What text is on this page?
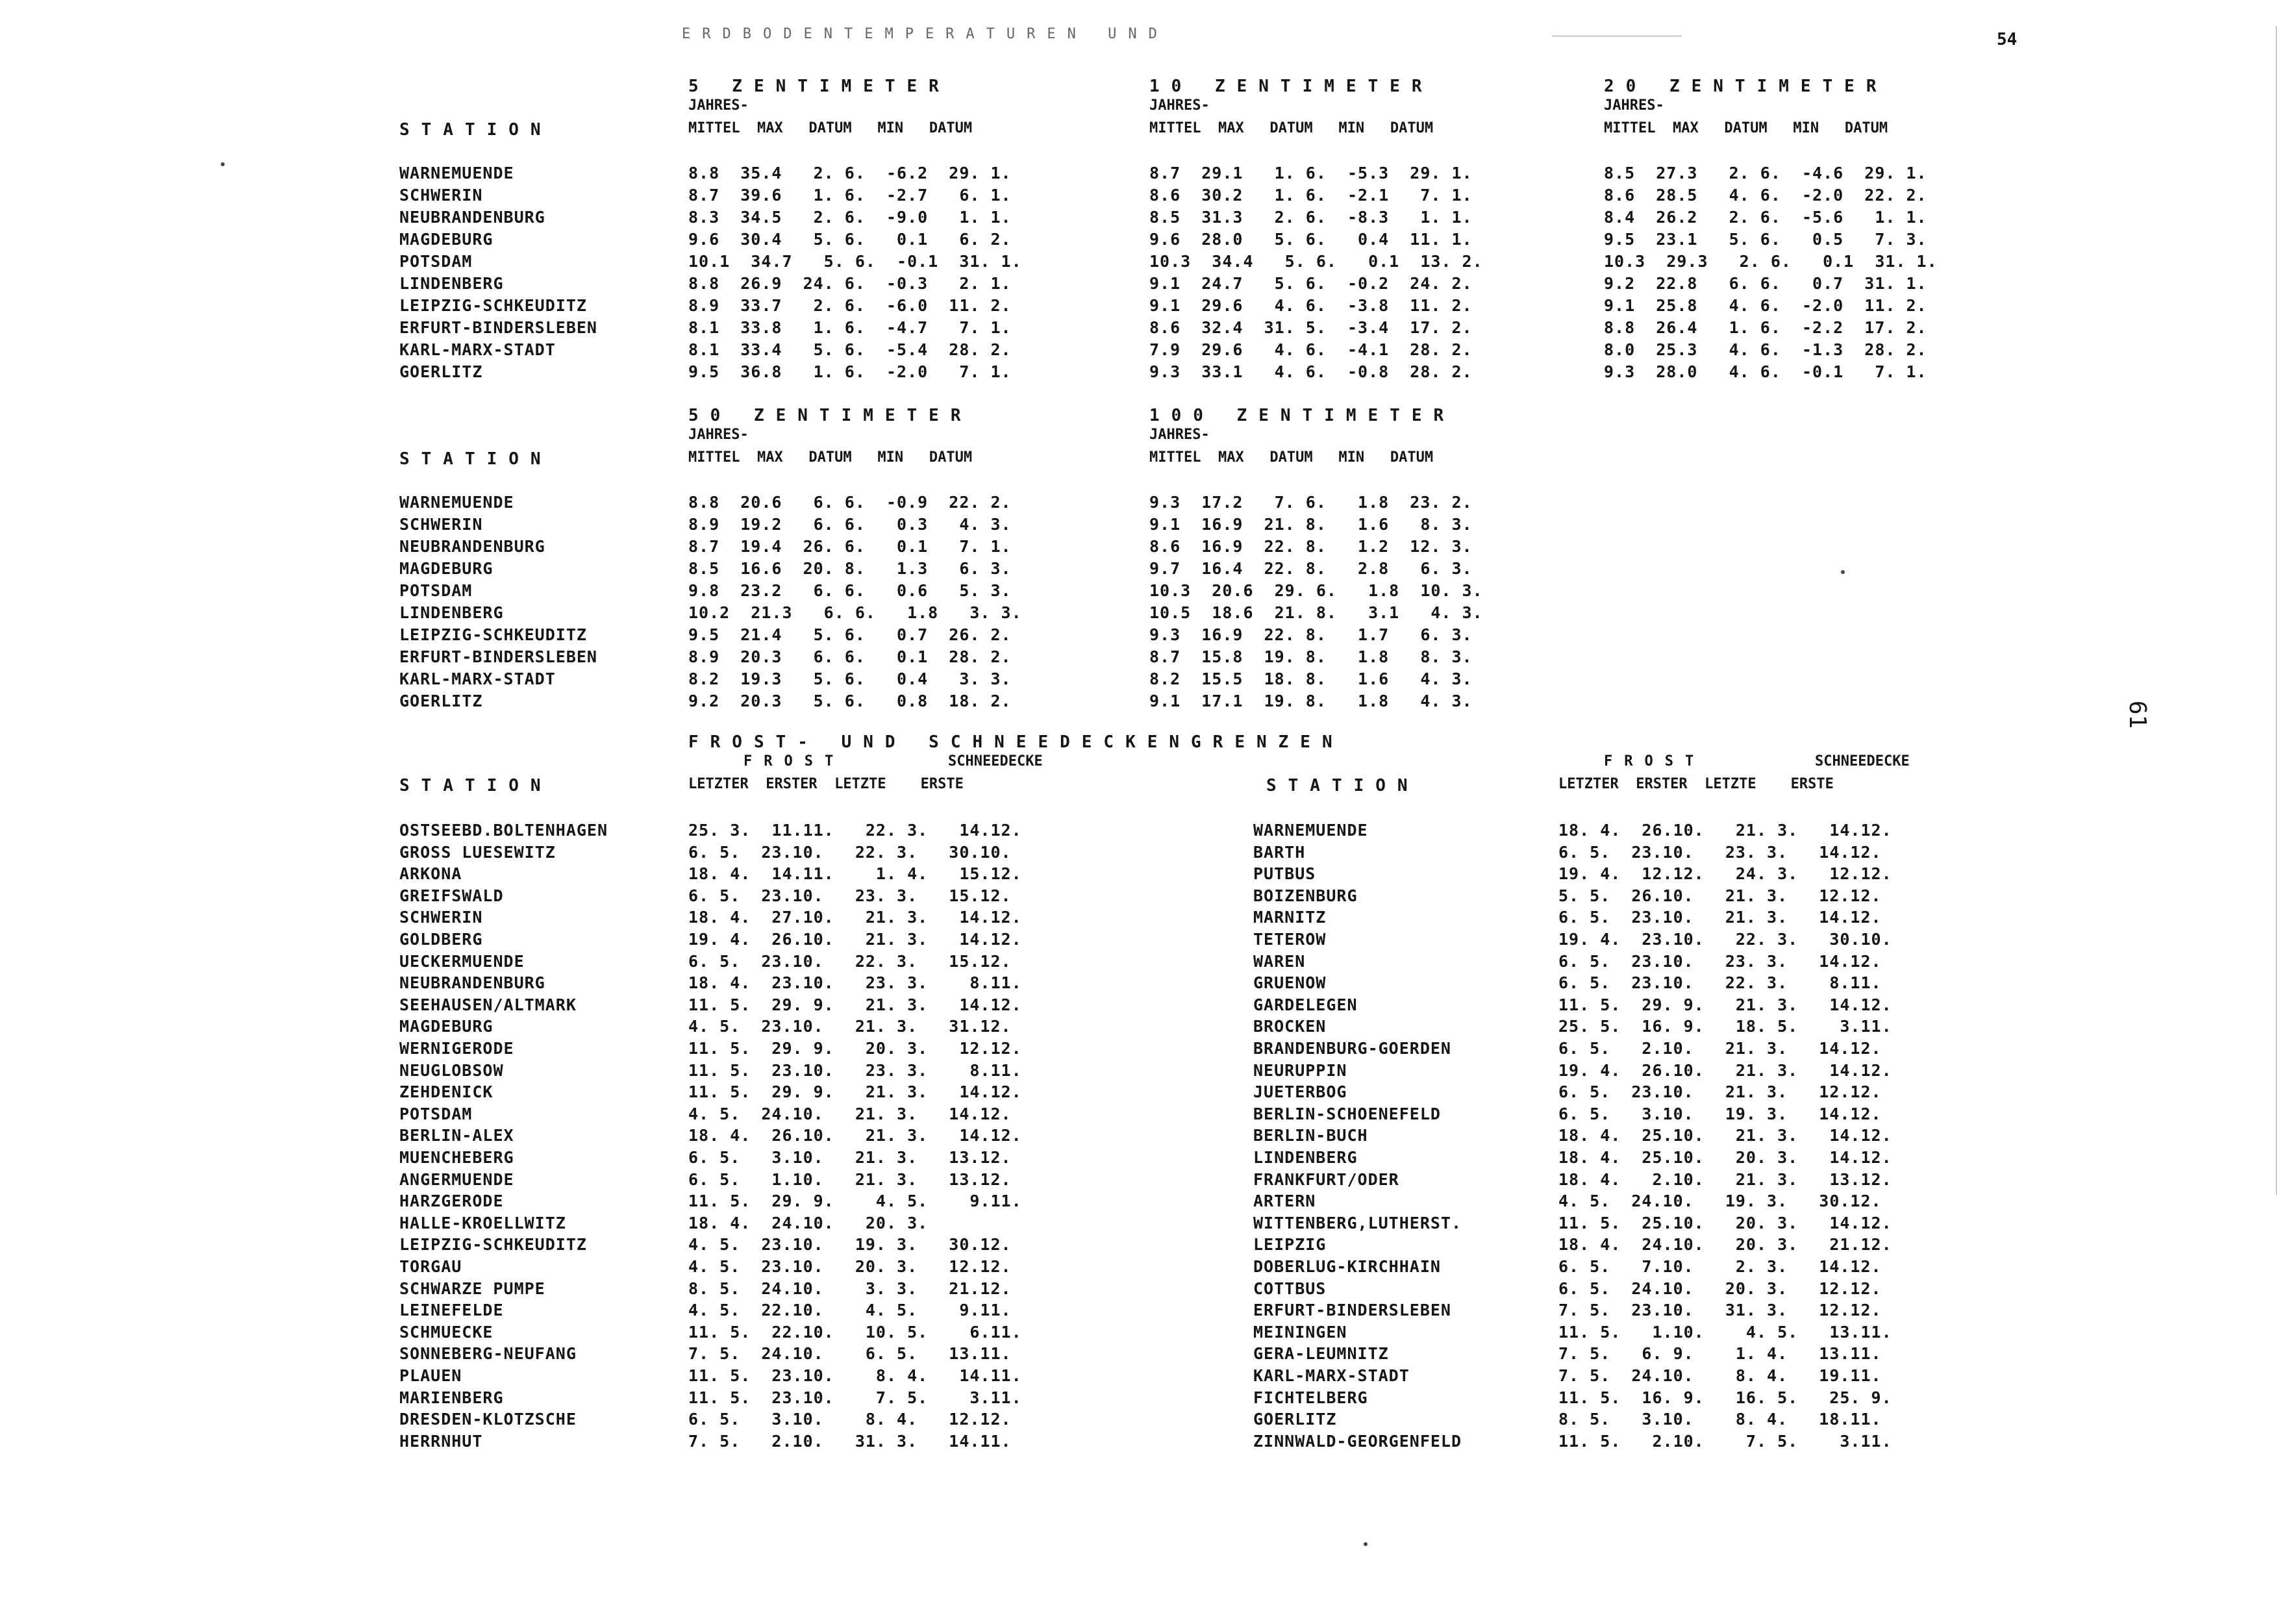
ERDBODENTEMPERATUREN UND	54
61
5 ZENTIMETER	10 ZENTIMETER	20 ZENTIMETER
JAHRES-	JAHRES-	JAHRES-
STATION	MITTEL  MAX   DATUM   MIN   DATUM	MITTEL  MAX   DATUM   MIN   DATUM	MITTEL  MAX   DATUM   MIN   DATUM
WARNEMUENDE	8.8  35.4   2. 6.  -6.2  29. 1.	8.7  29.1   1. 6.  -5.3  29. 1.	8.5  27.3   2. 6.  -4.6  29. 1.
SCHWERIN	8.7  39.6   1. 6.  -2.7   6. 1.	8.6  30.2   1. 6.  -2.1   7. 1.	8.6  28.5   4. 6.  -2.0  22. 2.
NEUBRANDENBURG	8.3  34.5   2. 6.  -9.0   1. 1.	8.5  31.3   2. 6.  -8.3   1. 1.	8.4  26.2   2. 6.  -5.6   1. 1.
MAGDEBURG	9.6  30.4   5. 6.   0.1   6. 2.	9.6  28.0   5. 6.   0.4  11. 1.	9.5  23.1   5. 6.   0.5   7. 3.
POTSDAM	10.1  34.7   5. 6.  -0.1  31. 1.	10.3  34.4   5. 6.   0.1  13. 2.	10.3  29.3   2. 6.   0.1  31. 1.
LINDENBERG	8.8  26.9  24. 6.  -0.3   2. 1.	9.1  24.7   5. 6.  -0.2  24. 2.	9.2  22.8   6. 6.   0.7  31. 1.
LEIPZIG-SCHKEUDITZ	8.9  33.7   2. 6.  -6.0  11. 2.	9.1  29.6   4. 6.  -3.8  11. 2.	9.1  25.8   4. 6.  -2.0  11. 2.
ERFURT-BINDERSLEBEN	8.1  33.8   1. 6.  -4.7   7. 1.	8.6  32.4  31. 5.  -3.4  17. 2.	8.8  26.4   1. 6.  -2.2  17. 2.
KARL-MARX-STADT	8.1  33.4   5. 6.  -5.4  28. 2.	7.9  29.6   4. 6.  -4.1  28. 2.	8.0  25.3   4. 6.  -1.3  28. 2.
GOERLITZ	9.5  36.8   1. 6.  -2.0   7. 1.	9.3  33.1   4. 6.  -0.8  28. 2.	9.3  28.0   4. 6.  -0.1   7. 1.
50 ZENTIMETER	100 ZENTIMETER
JAHRES-	JAHRES-
STATION	MITTEL  MAX   DATUM   MIN   DATUM	MITTEL  MAX   DATUM   MIN   DATUM
WARNEMUENDE	8.8  20.6   6. 6.  -0.9  22. 2.	9.3  17.2   7. 6.   1.8  23. 2.
SCHWERIN	8.9  19.2   6. 6.   0.3   4. 3.	9.1  16.9  21. 8.   1.6   8. 3.
NEUBRANDENBURG	8.7  19.4  26. 6.   0.1   7. 1.	8.6  16.9  22. 8.   1.2  12. 3.
MAGDEBURG	8.5  16.6  20. 8.   1.3   6. 3.	9.7  16.4  22. 8.   2.8   6. 3.
POTSDAM	9.8  23.2   6. 6.   0.6   5. 3.	10.3  20.6  29. 6.   1.8  10. 3.
LINDENBERG	10.2  21.3   6. 6.   1.8   3. 3.	10.5  18.6  21. 8.   3.1   4. 3.
LEIPZIG-SCHKEUDITZ	9.5  21.4   5. 6.   0.7  26. 2.	9.3  16.9  22. 8.   1.7   6. 3.
ERFURT-BINDERSLEBEN	8.9  20.3   6. 6.   0.1  28. 2.	8.7  15.8  19. 8.   1.8   8. 3.
KARL-MARX-STADT	8.2  19.3   5. 6.   0.4   3. 3.	8.2  15.5  18. 8.   1.6   4. 3.
GOERLITZ	9.2  20.3   5. 6.   0.8  18. 2.	9.1  17.1  19. 8.   1.8   4. 3.
FROST- UND SCHNEEDECKENGRENZEN
FROST	SCHNEEDECKE	FROST	SCHNEEDECKE
STATION	LETZTER  ERSTER  LETZTE    ERSTE	STATION	LETZTER  ERSTER  LETZTE    ERSTE
OSTSEEBD.BOLTENHAGEN	25. 3.  11.11.   22. 3.   14.12.
GROSS LUESEWITZ	6. 5.  23.10.   22. 3.   30.10.
ARKONA	18. 4.  14.11.    1. 4.   15.12.
GREIFSWALD	6. 5.  23.10.   23. 3.   15.12.
SCHWERIN	18. 4.  27.10.   21. 3.   14.12.
GOLDBERG	19. 4.  26.10.   21. 3.   14.12.
UECKERMUENDE	6. 5.  23.10.   22. 3.   15.12.
NEUBRANDENBURG	18. 4.  23.10.   23. 3.    8.11.
SEEHAUSEN/ALTMARK	11. 5.  29. 9.   21. 3.   14.12.
MAGDEBURG	4. 5.  23.10.   21. 3.   31.12.
WERNIGERODE	11. 5.  29. 9.   20. 3.   12.12.
NEUGLOBSOW	11. 5.  23.10.   23. 3.    8.11.
ZEHDENICK	11. 5.  29. 9.   21. 3.   14.12.
POTSDAM	4. 5.  24.10.   21. 3.   14.12.
BERLIN-ALEX	18. 4.  26.10.   21. 3.   14.12.
MUENCHEBERG	6. 5.   3.10.   21. 3.   13.12.
ANGERMUENDE	6. 5.   1.10.   21. 3.   13.12.
HARZGERODE	11. 5.  29. 9.    4. 5.    9.11.
HALLE-KROELLWITZ	18. 4.  24.10.   20. 3.
LEIPZIG-SCHKEUDITZ	4. 5.  23.10.   19. 3.   30.12.
TORGAU	4. 5.  23.10.   20. 3.   12.12.
SCHWARZE PUMPE	8. 5.  24.10.    3. 3.   21.12.
LEINEFELDE	4. 5.  22.10.    4. 5.    9.11.
SCHMUECKE	11. 5.  22.10.   10. 5.    6.11.
SONNEBERG-NEUFANG	7. 5.  24.10.    6. 5.   13.11.
PLAUEN	11. 5.  23.10.    8. 4.   14.11.
MARIENBERG	11. 5.  23.10.    7. 5.    3.11.
DRESDEN-KLOTZSCHE	6. 5.   3.10.    8. 4.   12.12.
HERRNHUT	7. 5.   2.10.   31. 3.   14.11.
WARNEMUENDE	18. 4.  26.10.   21. 3.   14.12.
BARTH	6. 5.  23.10.   23. 3.   14.12.
PUTBUS	19. 4.  12.12.   24. 3.   12.12.
BOIZENBURG	5. 5.  26.10.   21. 3.   12.12.
MARNITZ	6. 5.  23.10.   21. 3.   14.12.
TETEROW	19. 4.  23.10.   22. 3.   30.10.
WAREN	6. 5.  23.10.   23. 3.   14.12.
GRUENOW	6. 5.  23.10.   22. 3.    8.11.
GARDELEGEN	11. 5.  29. 9.   21. 3.   14.12.
BROCKEN	25. 5.  16. 9.   18. 5.    3.11.
BRANDENBURG-GOERDEN	6. 5.   2.10.   21. 3.   14.12.
NEURUPPIN	19. 4.  26.10.   21. 3.   14.12.
JUETERBOG	6. 5.  23.10.   21. 3.   12.12.
BERLIN-SCHOENEFELD	6. 5.   3.10.   19. 3.   14.12.
BERLIN-BUCH	18. 4.  25.10.   21. 3.   14.12.
LINDENBERG	18. 4.  25.10.   20. 3.   14.12.
FRANKFURT/ODER	18. 4.   2.10.   21. 3.   13.12.
ARTERN	4. 5.  24.10.   19. 3.   30.12.
WITTENBERG,LUTHERST.	11. 5.  25.10.   20. 3.   14.12.
LEIPZIG	18. 4.  24.10.   20. 3.   21.12.
DOBERLUG-KIRCHHAIN	6. 5.   7.10.    2. 3.   14.12.
COTTBUS	6. 5.  24.10.   20. 3.   12.12.
ERFURT-BINDERSLEBEN	7. 5.  23.10.   31. 3.   12.12.
MEININGEN	11. 5.   1.10.    4. 5.   13.11.
GERA-LEUMNITZ	7. 5.   6. 9.    1. 4.   13.11.
KARL-MARX-STADT	7. 5.  24.10.    8. 4.   19.11.
FICHTELBERG	11. 5.  16. 9.   16. 5.   25. 9.
GOERLITZ	8. 5.   3.10.    8. 4.   18.11.
ZINNWALD-GEORGENFELD	11. 5.   2.10.    7. 5.    3.11.
